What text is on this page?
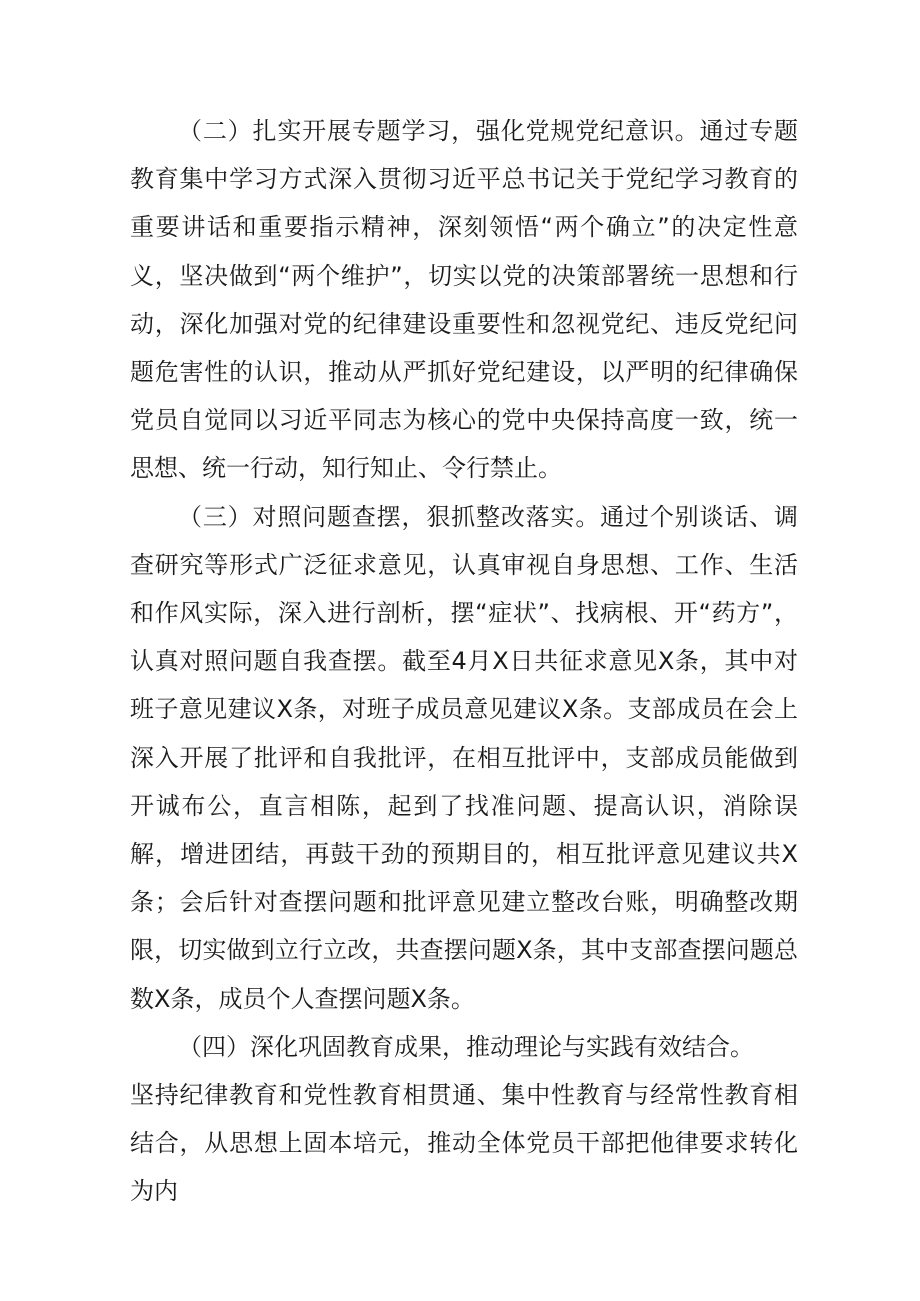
（二）扎实开展专题学习，强化党规党纪意识。通过专题教育集中学习方式深入贯彻习近平总书记关于党纪学习教育的重要讲话和重要指示精神，深刻领悟“两个确立”的决定性意义，坚决做到“两个维护”，切实以党的决策部署统一思想和行动，深化加强对党的纪律建设重要性和忽视党纪、违反党纪问题危害性的认识，推动从严抓好党纪建设，以严明的纪律确保党员自觉同以习近平同志为核心的党中央保持高度一致，统一思想、统一行动，知行知止、令行禁止。

（三）对照问题查摆，狠抓整改落实。通过个别谈话、调查研究等形式广泛征求意见，认真审视自身思想、工作、生活和作风实际，深入进行剖析，摆“症状”、找病根、开“药方”，认真对照问题自我查摆。截至4月X日共征求意见X条，其中对班子意见建议X条，对班子成员意见建议X条。支部成员在会上深入开展了批评和自我批评，在相互批评中，支部成员能做到开诚布公，直言相陈，起到了找准问题、提高认识，消除误解，增进团结，再鼓干劲的预期目的，相互批评意见建议共X条；会后针对查摆问题和批评意见建立整改台账，明确整改期限，切实做到立行立改，共查摆问题X条，其中支部查摆问题总数X条，成员个人查摆问题X条。

（四）深化巩固教育成果，推动理论与实践有效结合。

坚持纪律教育和党性教育相贯通、集中性教育与经常性教育相结合，从思想上固本培元，推动全体党员干部把他律要求转化为内
